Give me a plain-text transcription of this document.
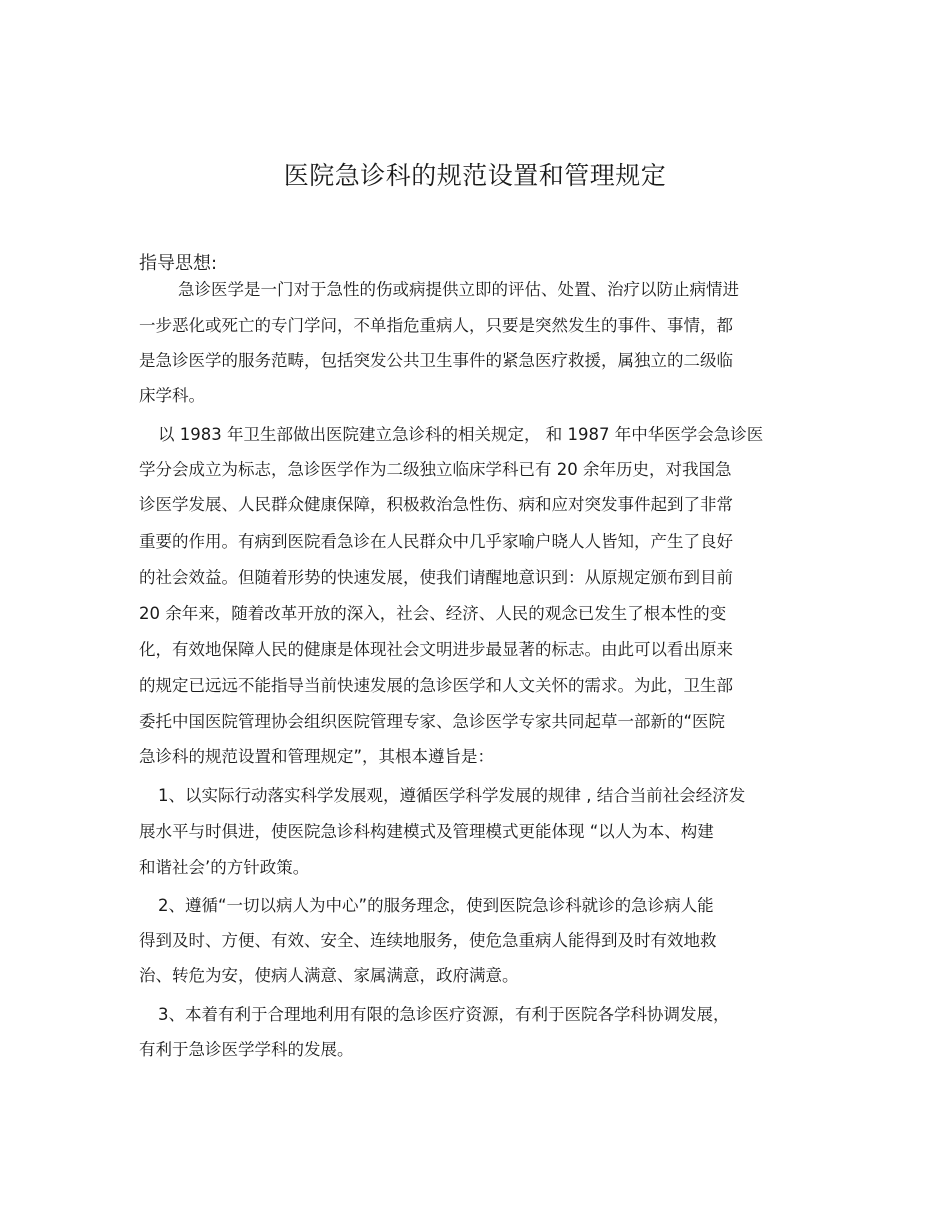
医院急诊科的规范设置和管理规定
指导思想:
急诊医学是一门对于急性的伤或病提供立即的评估、处置、治疗以防止病情进
一步恶化或死亡的专门学问，不单指危重病人，只要是突然发生的事件、事情，都
是急诊医学的服务范畴，包括突发公共卫生事件的紧急医疗救援，属独立的二级临
床学科。
以 1983 年卫生部做出医院建立急诊科的相关规定， 和 1987 年中华医学会急诊医
学分会成立为标志，急诊医学作为二级独立临床学科已有 20 余年历史，对我国急
诊医学发展、人民群众健康保障，积极救治急性伤、病和应对突发事件起到了非常
重要的作用。有病到医院看急诊在人民群众中几乎家喻户晓人人皆知，产生了良好
的社会效益。但随着形势的快速发展，使我们请醒地意识到：从原规定颁布到目前
20 余年来，随着改革开放的深入，社会、经济、人民的观念已发生了根本性的变
化，有效地保障人民的健康是体现社会文明进步最显著的标志。由此可以看出原来
的规定已远远不能指导当前快速发展的急诊医学和人文关怀的需求。为此，卫生部
委托中国医院管理协会组织医院管理专家、急诊医学专家共同起草一部新的“医院
急诊科的规范设置和管理规定”，其根本遵旨是：
1、以实际行动落实科学发展观，遵循医学科学发展的规律 , 结合当前社会经济发
展水平与时俱进，使医院急诊科构建模式及管理模式更能体现 “以人为本、构建
和谐社会’的方针政策。
2、遵循“一切以病人为中心”的服务理念，使到医院急诊科就诊的急诊病人能
得到及时、方便、有效、安全、连续地服务，使危急重病人能得到及时有效地救
治、转危为安，使病人满意、家属满意，政府满意。
3、本着有利于合理地利用有限的急诊医疗资源，有利于医院各学科协调发展，
有利于急诊医学学科的发展。
